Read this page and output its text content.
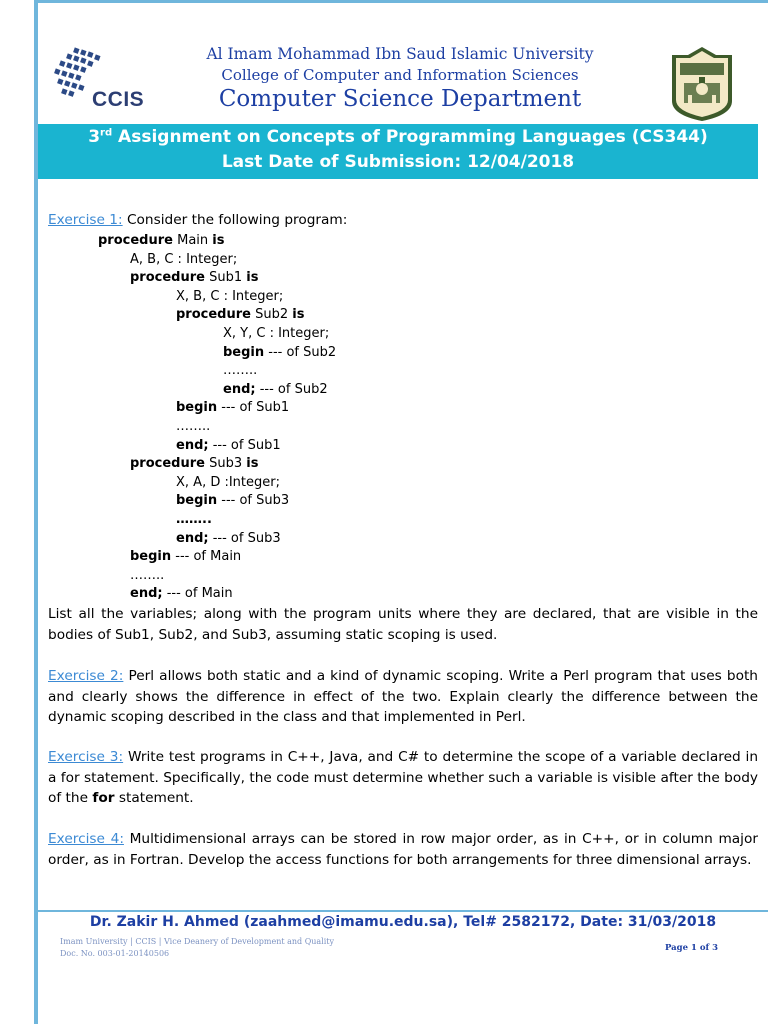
CCIS
Al Imam Mohammad Ibn Saud Islamic University
College of Computer and Information Sciences
Computer Science Department
3rd Assignment on Concepts of Programming Languages (CS344)
Last Date of Submission: 12/04/2018
Exercise 1: Consider the following program:
procedure Main is
A, B, C : Integer;
procedure Sub1 is
X, B, C : Integer;
procedure Sub2 is
X, Y, C : Integer;
begin --- of Sub2
……..
end; --- of Sub2
begin --- of Sub1
……..
end; --- of Sub1
procedure Sub3 is
X, A, D :Integer;
begin --- of Sub3
……..
end; --- of Sub3
begin --- of Main
……..
end; --- of Main

List all the variables; along with the program units where they are declared, that are visible in the bodies of Sub1, Sub2, and Sub3, assuming static scoping is used.

Exercise 2: Perl allows both static and a kind of dynamic scoping. Write a Perl program that uses both and clearly shows the difference in effect of the two. Explain clearly the difference between the dynamic scoping described in the class and that implemented in Perl.

Exercise 3: Write test programs in C++, Java, and C# to determine the scope of a variable declared in a for statement. Specifically, the code must determine whether such a variable is visible after the body of the for statement.

Exercise 4: Multidimensional arrays can be stored in row major order, as in C++, or in column major order, as in Fortran. Develop the access functions for both arrangements for three dimensional arrays.

Dr. Zakir H. Ahmed (zaahmed@imamu.edu.sa), Tel# 2582172, Date: 31/03/2018
Imam University | CCIS | Vice Deanery of Development and Quality
Doc. No. 003-01-20140506
Page 1 of 3
